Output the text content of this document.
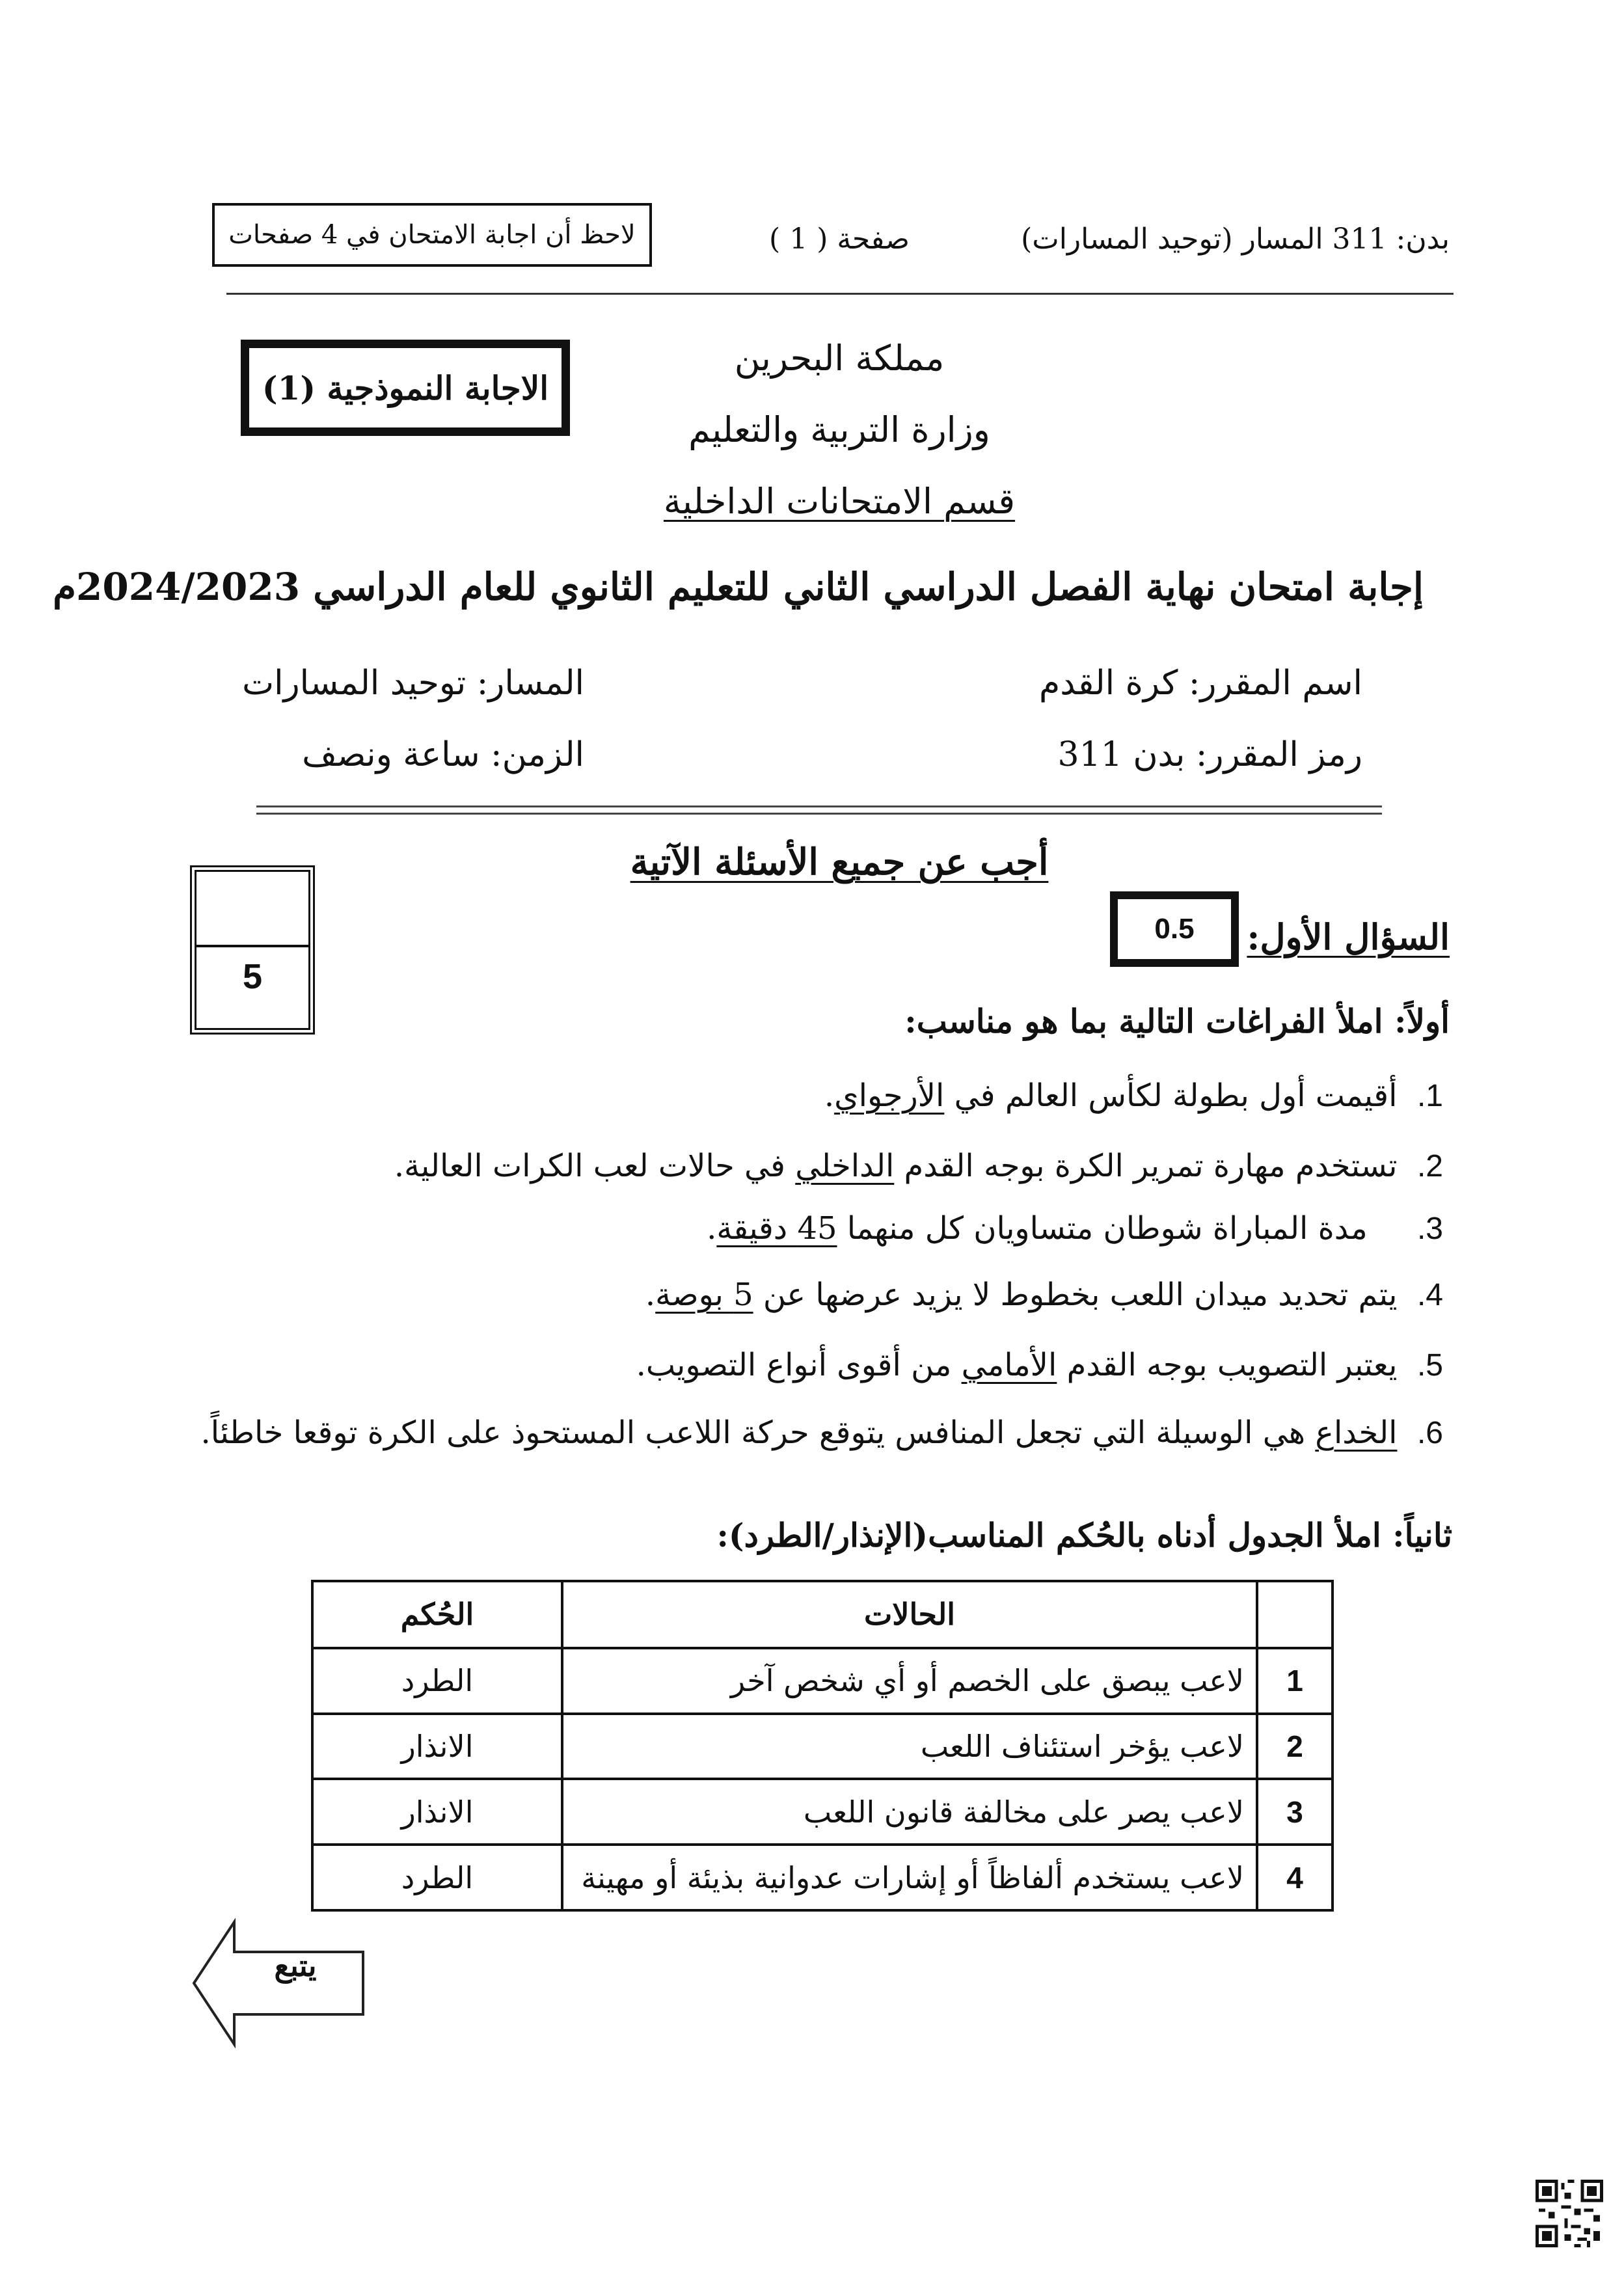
بدن: 311 المسار (توحيد المسارات)
صفحة ( 1 )
لاحظ أن اجابة الامتحان في 4 صفحات
مملكة البحرين
وزارة التربية والتعليم
قسم الامتحانات الداخلية
الاجابة النموذجية (1)
إجابة امتحان نهاية الفصل الدراسي الثاني للتعليم الثانوي للعام الدراسي 2024/2023م
اسم المقرر: كرة القدم
رمز المقرر: بدن 311
المسار: توحيد المسارات
الزمن: ساعة ونصف
أجب عن جميع الأسئلة الآتية
5
السؤال الأول:
0.5
أولاً: املأ الفراغات التالية بما هو مناسب:
1.  أقيمت أول بطولة لكأس العالم في الأرجواي.
2.  تستخدم مهارة تمرير الكرة بوجه القدم الداخلي في حالات لعب الكرات العالية.
3.     مدة المباراة شوطان متساويان كل منهما 45 دقيقة.
4.  يتم تحديد ميدان اللعب بخطوط لا يزيد عرضها عن 5 بوصة.
5.  يعتبر التصويب بوجه القدم الأمامي من أقوى أنواع التصويب.
6.  الخداع هي الوسيلة التي تجعل المنافس يتوقع حركة اللاعب المستحوذ على الكرة توقعا خاطئاً.
ثانياً: املأ الجدول أدناه بالحُكم المناسب(الإنذار/الطرد):
	الحالات	الحُكم
1	لاعب يبصق على الخصم أو أي شخص آخر	الطرد
2	لاعب يؤخر استئناف اللعب	الانذار
3	لاعب يصر على مخالفة قانون اللعب	الانذار
4	لاعب يستخدم ألفاظاً أو إشارات عدوانية بذيئة أو مهينة	الطرد
يتبع
